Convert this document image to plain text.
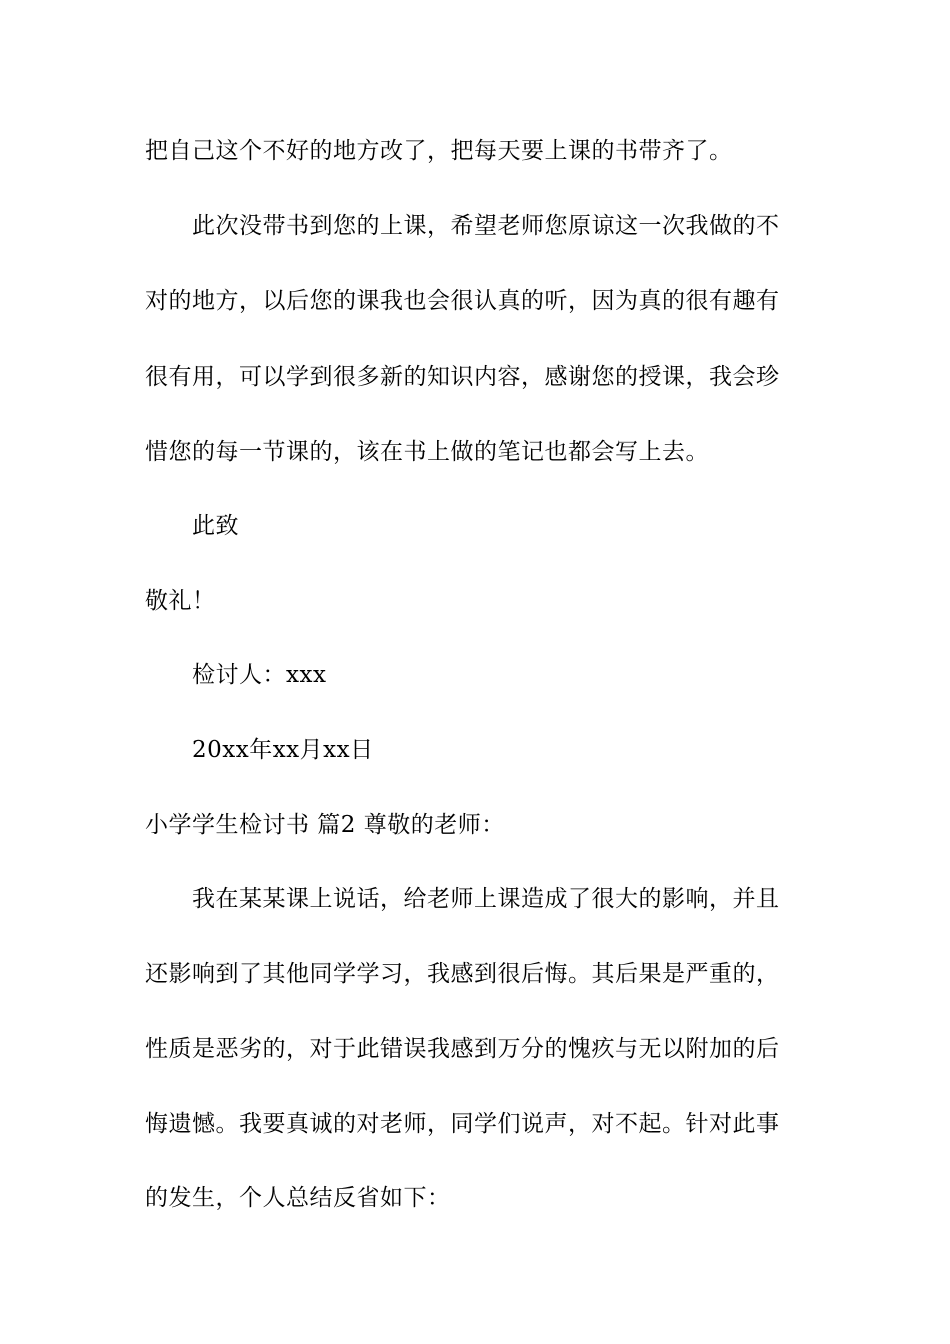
把自己这个不好的地方改了，把每天要上课的书带齐了。
此次没带书到您的上课，希望老师您原谅这一次我做的不
对的地方，以后您的课我也会很认真的听，因为真的很有趣有
很有用，可以学到很多新的知识内容，感谢您的授课，我会珍
惜您的每一节课的，该在书上做的笔记也都会写上去。
此致
敬礼！
检讨人：xxx
20xx年xx月xx日
小学学生检讨书 篇2 尊敬的老师：
我在某某课上说话，给老师上课造成了很大的影响，并且
还影响到了其他同学学习，我感到很后悔。其后果是严重的，
性质是恶劣的，对于此错误我感到万分的愧疚与无以附加的后
悔遗憾。我要真诚的对老师，同学们说声，对不起。针对此事
的发生，个人总结反省如下：
